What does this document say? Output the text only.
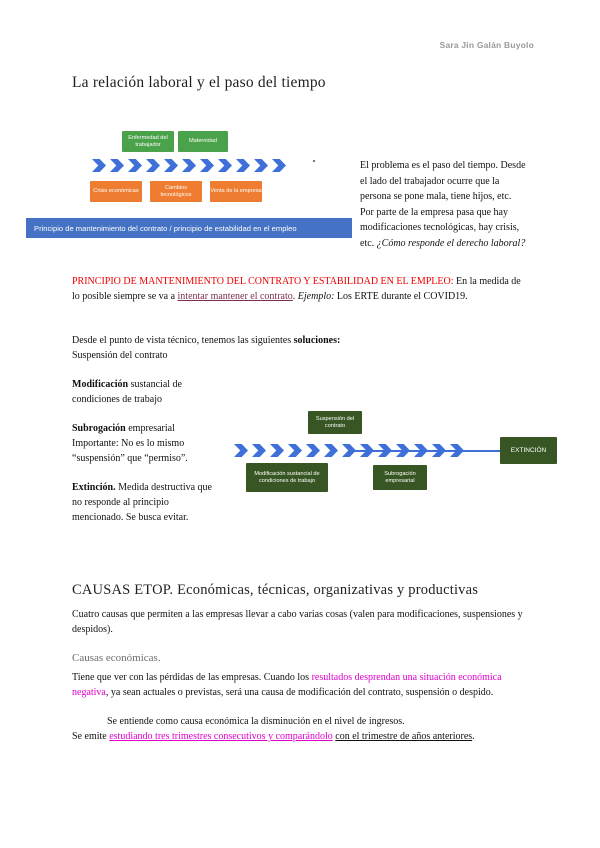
Sara Jin Galán Buyolo
La relación laboral y el paso del tiempo
Enfermedad del trabajador
Maternidad
Crisis económicas
Cambios tecnológicos
Venta de la empresa
Principio de mantenimiento del contrato / principio de estabilidad en el empleo
El problema es el paso del tiempo. Desde el lado del trabajador ocurre que la persona se pone mala, tiene hijos, etc. Por parte de la empresa pasa que hay modificaciones tecnológicas, hay crisis, etc. ¿Cómo responde el derecho laboral?
PRINCIPIO DE MANTENIMIENTO DEL CONTRATO Y ESTABILIDAD EN EL EMPLEO: En la medida de lo posible siempre se va a intentar mantener el contrato. Ejemplo: Los ERTE durante el COVID19.
Desde el punto de vista técnico, tenemos las siguientes soluciones:
Suspensión del contrato
Modificación sustancial de condiciones de trabajo
Subrogación empresarial
Importante: No es lo mismo “suspensión” que “permiso”.
Extinción. Medida destructiva que no responde al principio mencionado. Se busca evitar.
Suspensión del contrato
EXTINCIÓN
Modificación sustancial de condiciones de trabajo
Subrogación empresarial
CAUSAS ETOP. Económicas, técnicas, organizativas y productivas
Cuatro causas que permiten a las empresas llevar a cabo varias cosas (valen para modificaciones, suspensiones y despidos).
Causas económicas.
Tiene que ver con las pérdidas de las empresas. Cuando los resultados desprendan una situación económica negativa, ya sean actuales o previstas, será una causa de modificación del contrato, suspensión o despido.
Se entiende como causa económica la disminución en el nivel de ingresos.
Se emite estudiando tres trimestres consecutivos y comparándolo con el trimestre de años anteriores.
